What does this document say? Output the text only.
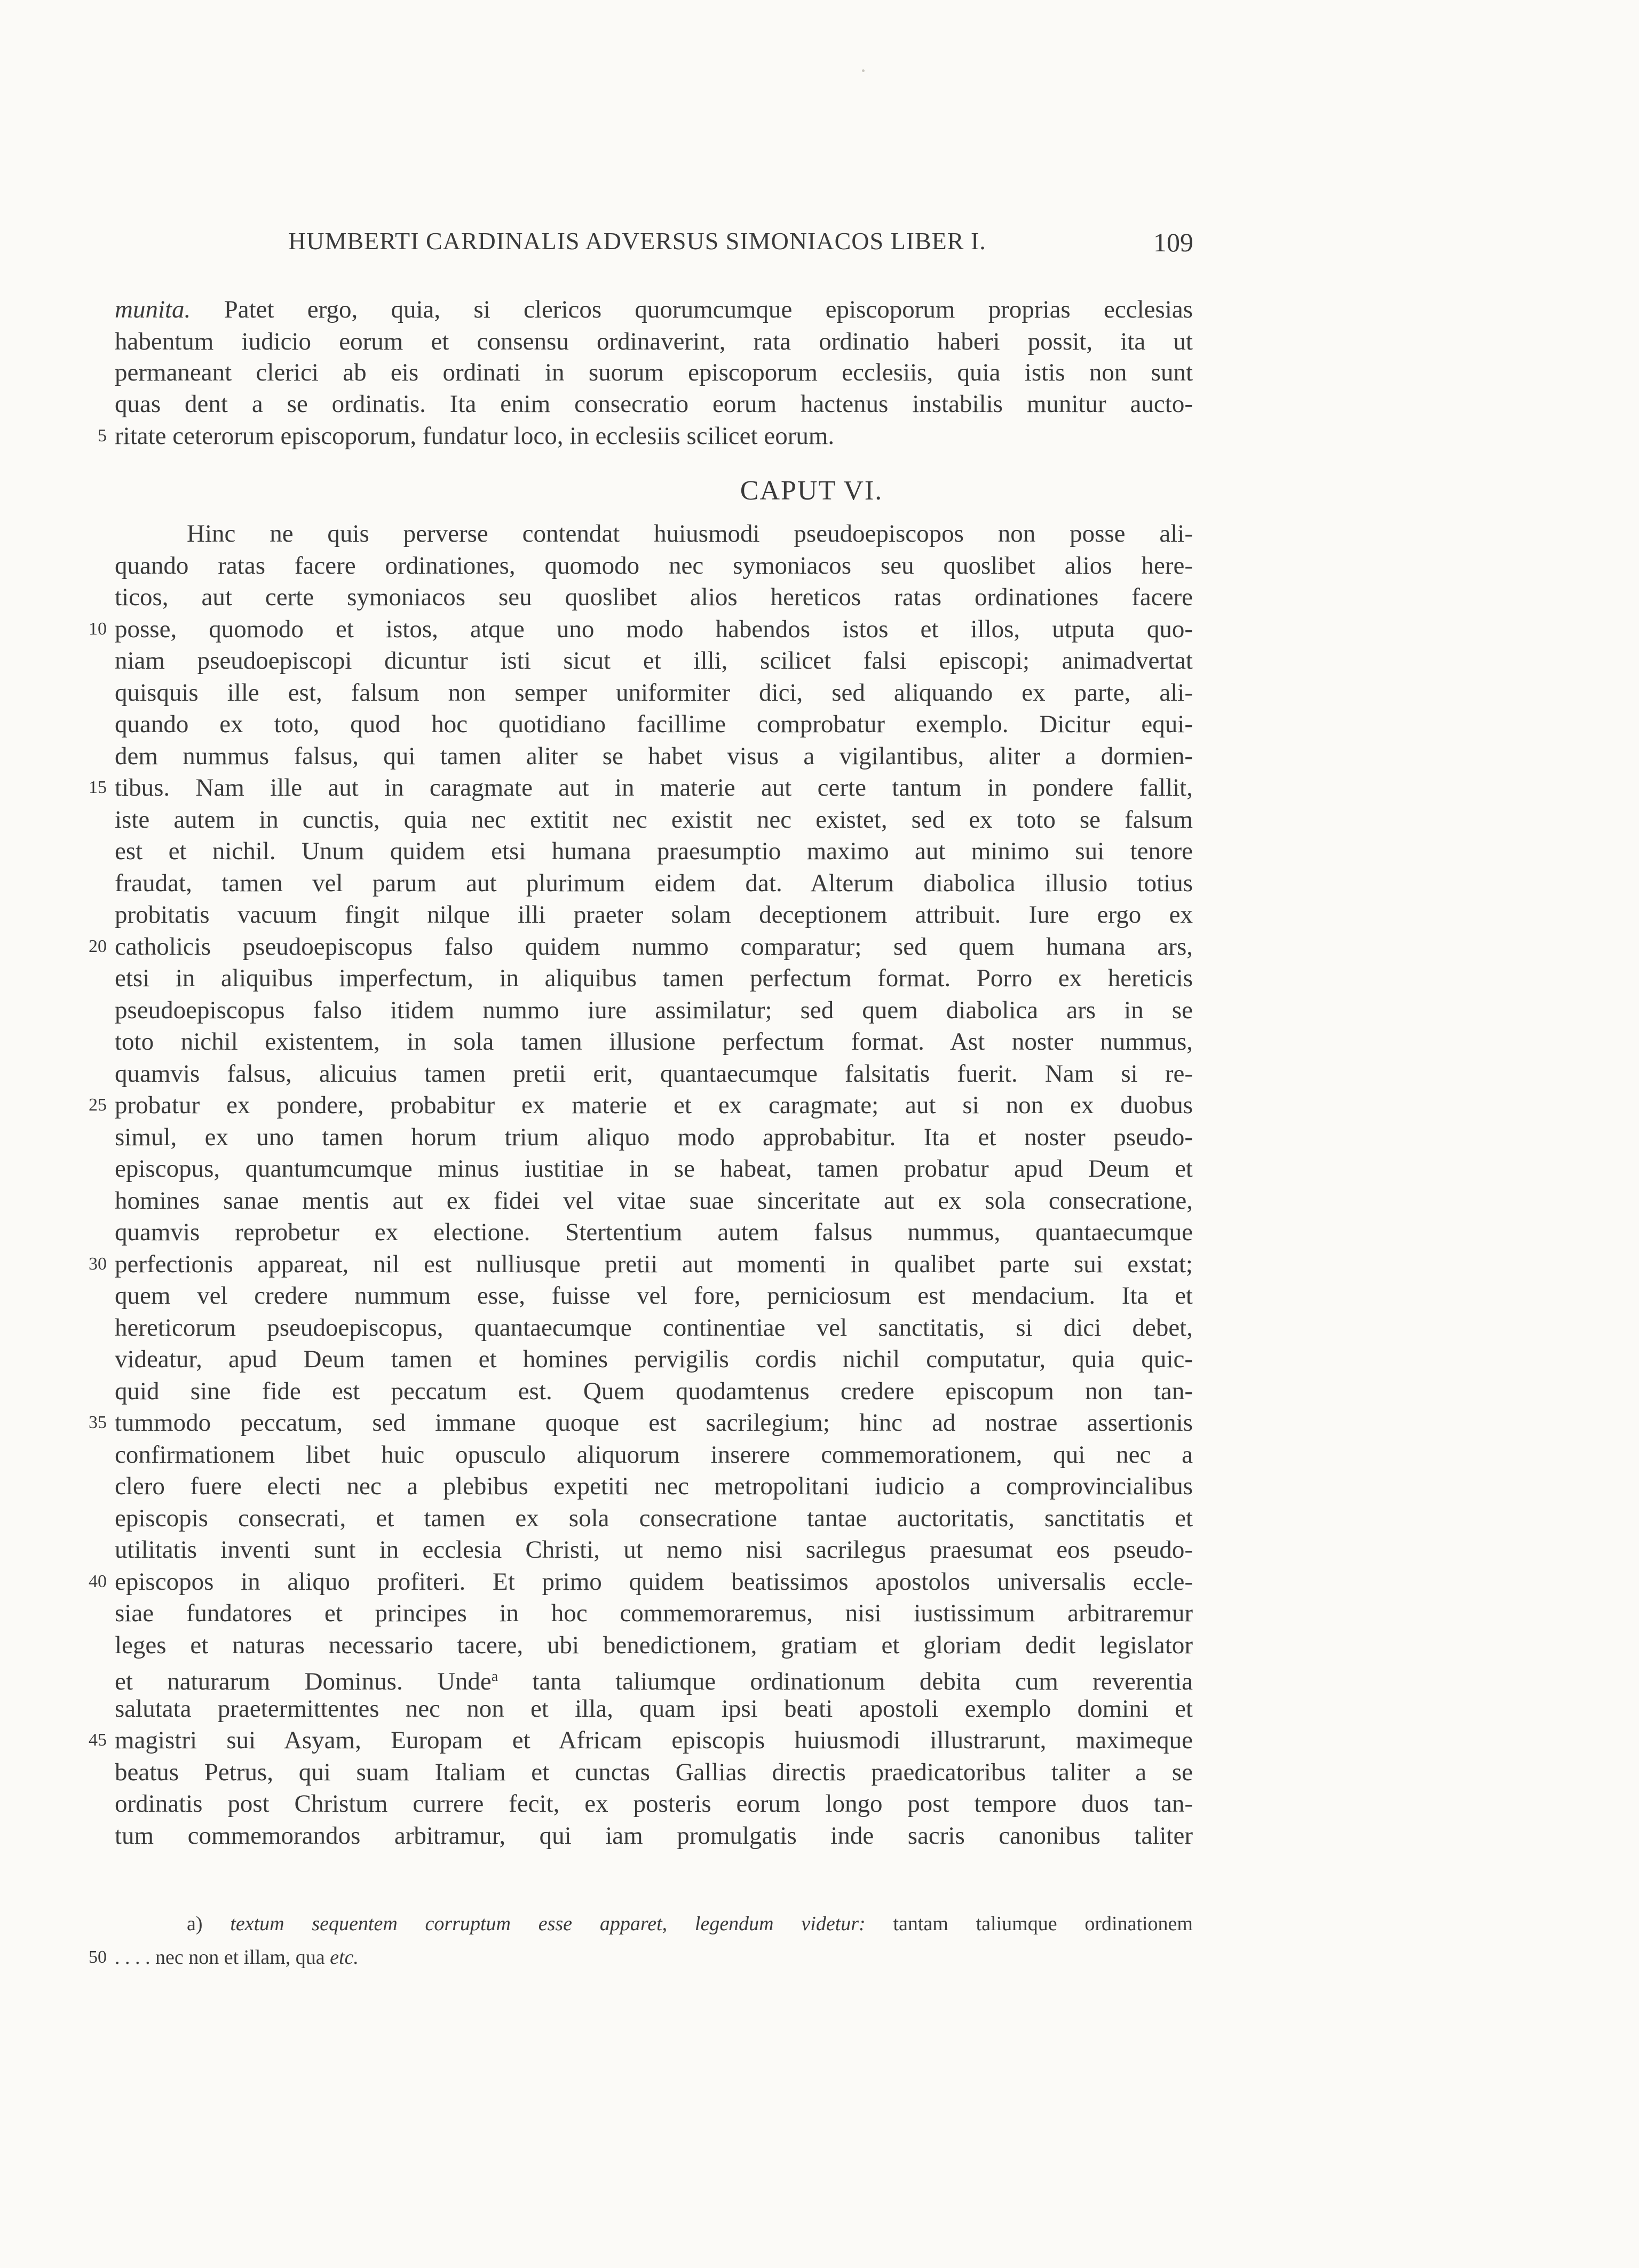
HUMBERTI CARDINALIS ADVERSUS SIMONIACOS LIBER I.	109
munita. Patet ergo, quia, si clericos quorumcumque episcoporum proprias ecclesias
habentum iudicio eorum et consensu ordinaverint, rata ordinatio haberi possit, ita ut
permaneant clerici ab eis ordinati in suorum episcoporum ecclesiis, quia istis non sunt
quas dent a se ordinatis. Ita enim consecratio eorum hactenus instabilis munitur aucto-
5 ritate ceterorum episcoporum, fundatur loco, in ecclesiis scilicet eorum.
CAPUT VI.
Hinc ne quis perverse contendat huiusmodi pseudoepiscopos non posse ali-
quando ratas facere ordinationes, quomodo nec symoniacos seu quoslibet alios here-
ticos, aut certe symoniacos seu quoslibet alios hereticos ratas ordinationes facere
10 posse, quomodo et istos, atque uno modo habendos istos et illos, utputa quo-
niam pseudoepiscopi dicuntur isti sicut et illi, scilicet falsi episcopi; animadvertat
quisquis ille est, falsum non semper uniformiter dici, sed aliquando ex parte, ali-
quando ex toto, quod hoc quotidiano facillime comprobatur exemplo. Dicitur equi-
dem nummus falsus, qui tamen aliter se habet visus a vigilantibus, aliter a dormien-
15 tibus. Nam ille aut in caragmate aut in materie aut certe tantum in pondere fallit,
iste autem in cunctis, quia nec extitit nec existit nec existet, sed ex toto se falsum
est et nichil. Unum quidem etsi humana praesumptio maximo aut minimo sui tenore
fraudat, tamen vel parum aut plurimum eidem dat. Alterum diabolica illusio totius
probitatis vacuum fingit nilque illi praeter solam deceptionem attribuit. Iure ergo ex
20 catholicis pseudoepiscopus falso quidem nummo comparatur; sed quem humana ars,
etsi in aliquibus imperfectum, in aliquibus tamen perfectum format. Porro ex hereticis
pseudoepiscopus falso itidem nummo iure assimilatur; sed quem diabolica ars in se
toto nichil existentem, in sola tamen illusione perfectum format. Ast noster nummus,
quamvis falsus, alicuius tamen pretii erit, quantaecumque falsitatis fuerit. Nam si re-
25 probatur ex pondere, probabitur ex materie et ex caragmate; aut si non ex duobus
simul, ex uno tamen horum trium aliquo modo approbabitur. Ita et noster pseudo-
episcopus, quantumcumque minus iustitiae in se habeat, tamen probatur apud Deum et
homines sanae mentis aut ex fidei vel vitae suae sinceritate aut ex sola consecratione,
quamvis reprobetur ex electione. Stertentium autem falsus nummus, quantaecumque
30 perfectionis appareat, nil est nulliusque pretii aut momenti in qualibet parte sui exstat;
quem vel credere nummum esse, fuisse vel fore, perniciosum est mendacium. Ita et
hereticorum pseudoepiscopus, quantaecumque continentiae vel sanctitatis, si dici debet,
videatur, apud Deum tamen et homines pervigilis cordis nichil computatur, quia quic-
quid sine fide est peccatum est. Quem quodamtenus credere episcopum non tan-
35 tummodo peccatum, sed immane quoque est sacrilegium; hinc ad nostrae assertionis
confirmationem libet huic opusculo aliquorum inserere commemorationem, qui nec a
clero fuere electi nec a plebibus expetiti nec metropolitani iudicio a comprovincialibus
episcopis consecrati, et tamen ex sola consecratione tantae auctoritatis, sanctitatis et
utilitatis inventi sunt in ecclesia Christi, ut nemo nisi sacrilegus praesumat eos pseudo-
40 episcopos in aliquo profiteri. Et primo quidem beatissimos apostolos universalis eccle-
siae fundatores et principes in hoc commemoraremus, nisi iustissimum arbitraremur
leges et naturas necessario tacere, ubi benedictionem, gratiam et gloriam dedit legislator
et naturarum Dominus. Unde$^a$ tanta taliumque ordinationum debita cum reverentia
salutata praetermittentes nec non et illa, quam ipsi beati apostoli exemplo domini et
45 magistri sui Asyam, Europam et Africam episcopis huiusmodi illustrarunt, maximeque
beatus Petrus, qui suam Italiam et cunctas Gallias directis praedicatoribus taliter a se
ordinatis post Christum currere fecit, ex posteris eorum longo post tempore duos tan-
tum commemorandos arbitramur, qui iam promulgatis inde sacris canonibus taliter
a) textum sequentem corruptum esse apparet, legendum videtur: tantam taliumque ordinationem
50 . . . . nec non et illam, qua etc.
